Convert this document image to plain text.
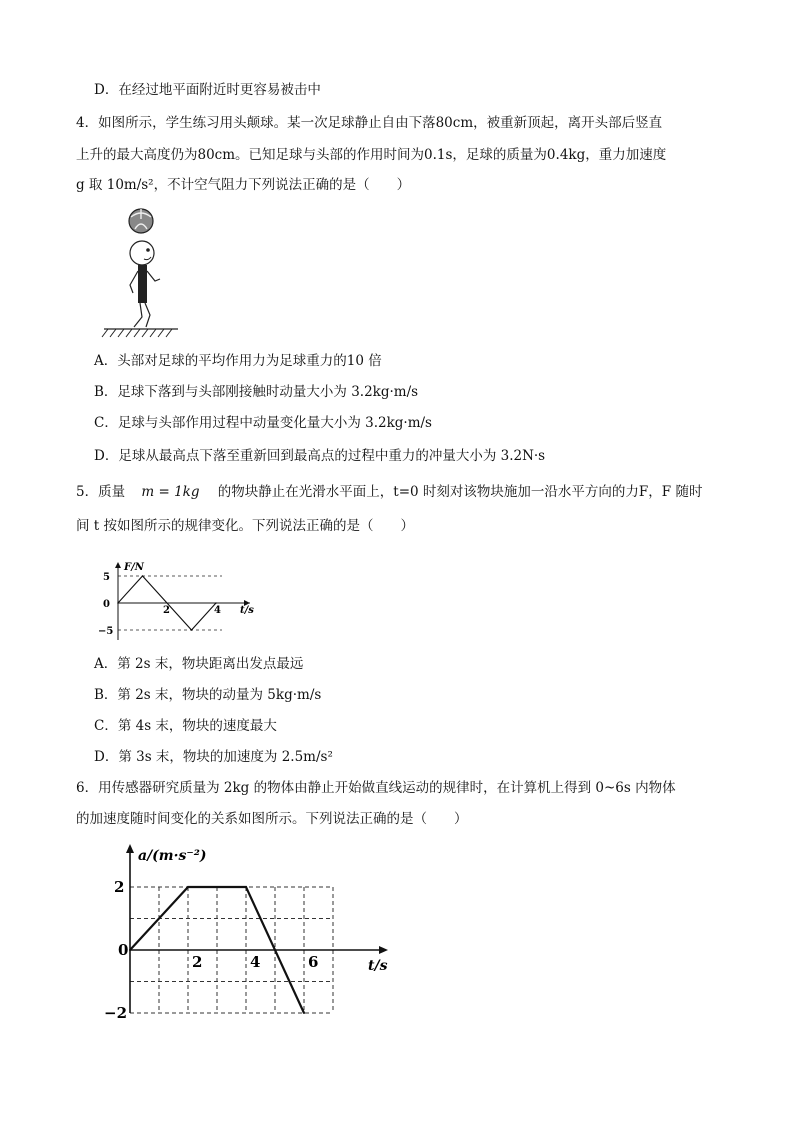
D．在经过地平面附近时更容易被击中
4．如图所示，学生练习用头颠球。某一次足球静止自由下落80cm，被重新顶起，离开头部后竖直
上升的最大高度仍为80cm。已知足球与头部的作用时间为0.1s，足球的质量为0.4kg，重力加速度
g 取 10m/s²，不计空气阻力下列说法正确的是（　　）
A．头部对足球的平均作用力为足球重力的10 倍
B．足球下落到与头部刚接触时动量大小为 3.2kg·m/s
C．足球与头部作用过程中动量变化量大小为 3.2kg·m/s
D．足球从最高点下落至重新回到最高点的过程中重力的冲量大小为 3.2N·s
5．质量 m = 1kg 的物块静止在光滑水平面上，t=0 时刻对该物块施加一沿水平方向的力F，F 随时
间 t 按如图所示的规律变化。下列说法正确的是（　　）
F/N
t/s
5
0
−5
2	4
A．第 2s 末，物块距离出发点最远
B．第 2s 末，物块的动量为 5kg·m/s
C．第 4s 末，物块的速度最大
D．第 3s 末，物块的加速度为 2.5m/s²
6．用传感器研究质量为 2kg 的物体由静止开始做直线运动的规律时，在计算机上得到 0~6s 内物体
的加速度随时间变化的关系如图所示。下列说法正确的是（　　）
a/(m·s⁻²)
t/s
2
0
−2
2	4	6
